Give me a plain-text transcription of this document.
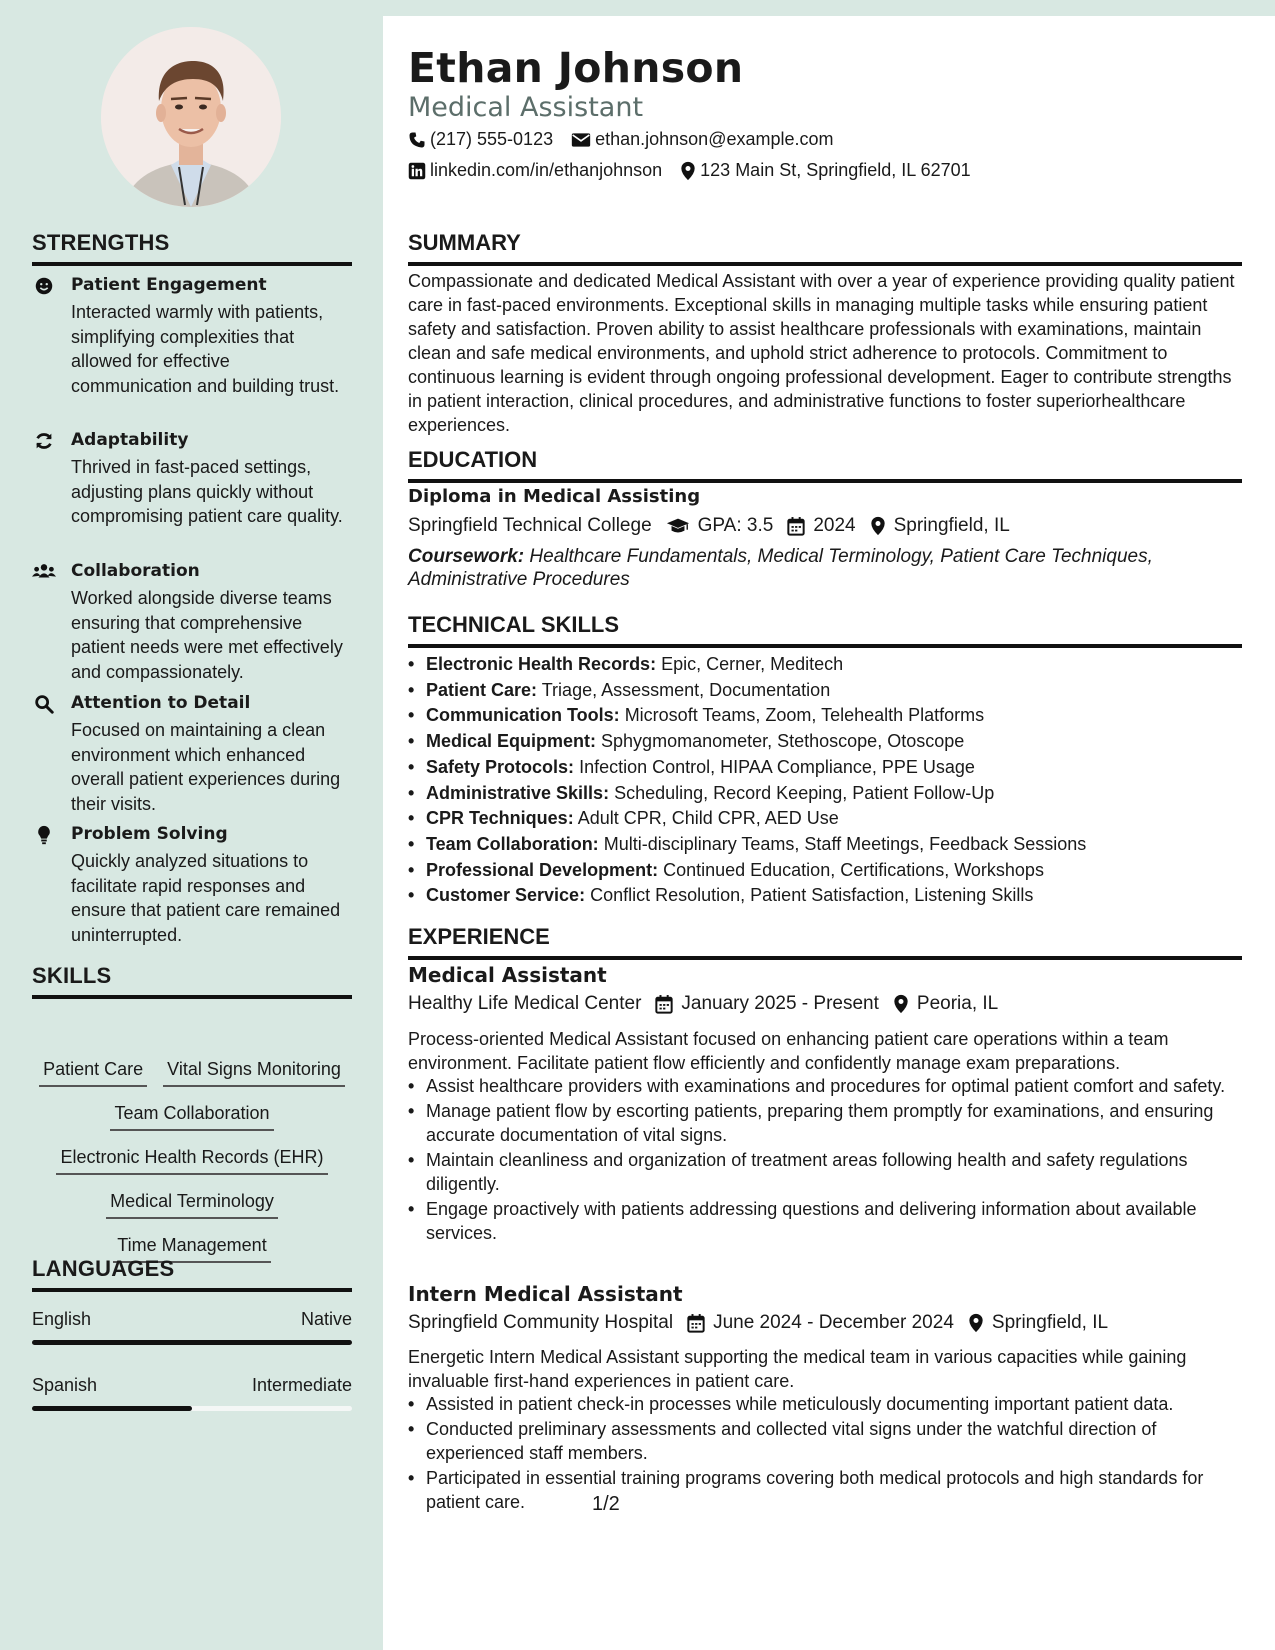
STRENGTHS
Patient Engagement
Interacted warmly with patients, simplifying complexities that allowed for effective communication and building trust.
Adaptability
Thrived in fast-paced settings, adjusting plans quickly without compromising patient care quality.
Collaboration
Worked alongside diverse teams ensuring that comprehensive patient needs were met effectively and compassionately.
Attention to Detail
Focused on maintaining a clean environment which enhanced overall patient experiences during their visits.
Problem Solving
Quickly analyzed situations to facilitate rapid responses and ensure that patient care remained uninterrupted.
SKILLS
Patient Care Vital Signs Monitoring
Team Collaboration
Electronic Health Records (EHR)
Medical Terminology
Time Management
LANGUAGES
English	Native
Spanish	Intermediate
Ethan Johnson
Medical Assistant
(217) 555-0123 ethan.johnson@example.com
linkedin.com/in/ethanjohnson 123 Main St, Springfield, IL 62701
SUMMARY
Compassionate and dedicated Medical Assistant with over a year of experience providing quality patient care in fast-paced environments. Exceptional skills in managing multiple tasks while ensuring patient safety and satisfaction. Proven ability to assist healthcare professionals with examinations, maintain clean and safe medical environments, and uphold strict adherence to protocols. Commitment to continuous learning is evident through ongoing professional development. Eager to contribute strengths in patient interaction, clinical procedures, and administrative functions to foster superiorhealthcare experiences.
EDUCATION
Diploma in Medical Assisting
Springfield Technical College GPA: 3.5 2024 Springfield, IL
Coursework: Healthcare Fundamentals, Medical Terminology, Patient Care Techniques, Administrative Procedures
TECHNICAL SKILLS
• Electronic Health Records: Epic, Cerner, Meditech
• Patient Care: Triage, Assessment, Documentation
• Communication Tools: Microsoft Teams, Zoom, Telehealth Platforms
• Medical Equipment: Sphygmomanometer, Stethoscope, Otoscope
• Safety Protocols: Infection Control, HIPAA Compliance, PPE Usage
• Administrative Skills: Scheduling, Record Keeping, Patient Follow-Up
• CPR Techniques: Adult CPR, Child CPR, AED Use
• Team Collaboration: Multi-disciplinary Teams, Staff Meetings, Feedback Sessions
• Professional Development: Continued Education, Certifications, Workshops
• Customer Service: Conflict Resolution, Patient Satisfaction, Listening Skills
EXPERIENCE
Medical Assistant
Healthy Life Medical Center January 2025 - Present Peoria, IL
Process-oriented Medical Assistant focused on enhancing patient care operations within a team environment. Facilitate patient flow efficiently and confidently manage exam preparations.
• Assist healthcare providers with examinations and procedures for optimal patient comfort and safety.
• Manage patient flow by escorting patients, preparing them promptly for examinations, and ensuring accurate documentation of vital signs.
• Maintain cleanliness and organization of treatment areas following health and safety regulations diligently.
• Engage proactively with patients addressing questions and delivering information about available services.
Intern Medical Assistant
Springfield Community Hospital June 2024 - December 2024 Springfield, IL
Energetic Intern Medical Assistant supporting the medical team in various capacities while gaining invaluable first-hand experiences in patient care.
• Assisted in patient check-in processes while meticulously documenting important patient data.
• Conducted preliminary assessments and collected vital signs under the watchful direction of experienced staff members.
• Participated in essential training programs covering both medical protocols and high standards for patient care.	1/2
